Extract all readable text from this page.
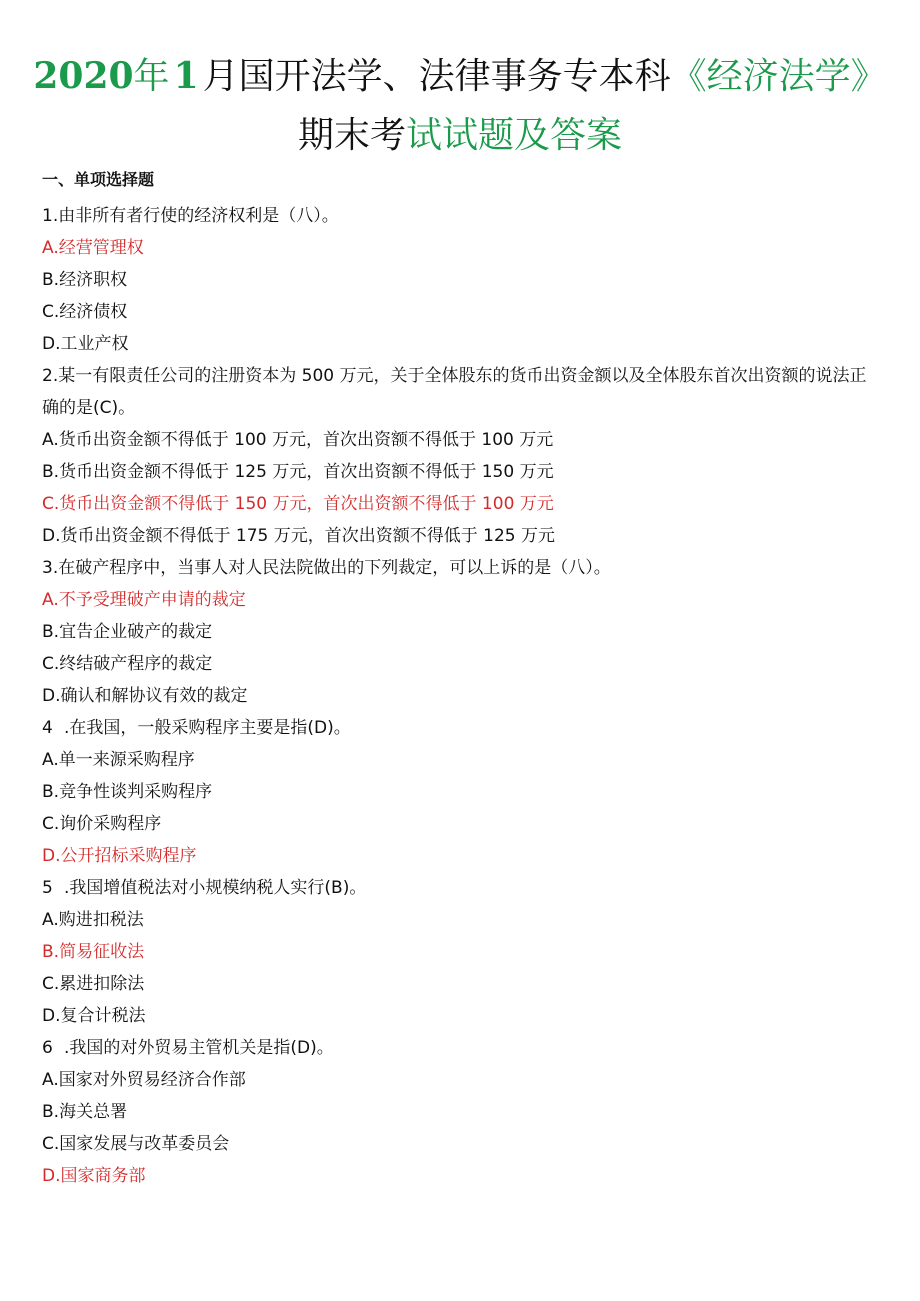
2020年 1 月国开法学、法律事务专本科《经济法学》
期末考试试题及答案
一、单项选择题
1.由非所有者行使的经济权利是（八）。
A.经营管理权
B.经济职权
C.经济债权
D.工业产权
2.某一有限责任公司的注册资本为 500 万元，关于全体股东的货币出资金额以及全体股东首次出资额的说法正确的是(C)。
A.货币出资金额不得低于 100 万元，首次出资额不得低于 100 万元
B.货币出资金额不得低于 125 万元，首次出资额不得低于 150 万元
C.货币出资金额不得低于 150 万元，首次出资额不得低于 100 万元
D.货币出资金额不得低于 175 万元，首次出资额不得低于 125 万元
3.在破产程序中，当事人对人民法院做出的下列裁定，可以上诉的是（八）。
A.不予受理破产申请的裁定
B.宜告企业破产的裁定
C.终结破产程序的裁定
D.确认和解协议有效的裁定
4 .在我国，一般采购程序主要是指(D)。
A.单一来源采购程序
B.竞争性谈判采购程序
C.询价采购程序
D.公开招标采购程序
5 .我国增值税法对小规模纳税人实行(B)。
A.购进扣税法
B.简易征收法
C.累进扣除法
D.复合计税法
6 .我国的对外贸易主管机关是指(D)。
A.国家对外贸易经济合作部
B.海关总署
C.国家发展与改革委员会
D.国家商务部
